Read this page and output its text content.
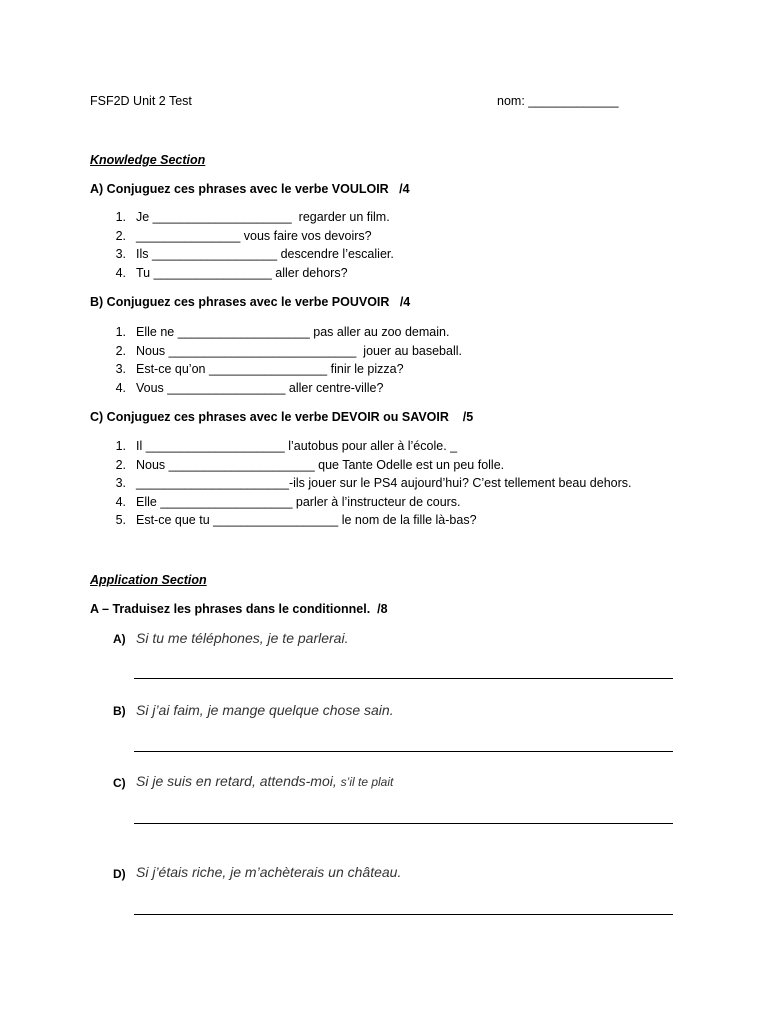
FSF2D Unit 2 Test	nom: _____________
Knowledge Section
A) Conjuguez ces phrases avec le verbe VOULOIR   /4
1. Je ____________________  regarder un film.
2. _______________ vous faire vos devoirs?
3. Ils __________________ descendre l’escalier.
4. Tu _________________ aller dehors?
B) Conjuguez ces phrases avec le verbe POUVOIR   /4
1. Elle ne ___________________ pas aller au zoo demain.
2. Nous ___________________________  jouer au baseball.
3. Est-ce qu’on _________________ finir le pizza?
4. Vous _________________ aller centre-ville?
C) Conjuguez ces phrases avec le verbe DEVOIR ou SAVOIR    /5
1. Il ____________________ l’autobus pour aller à l’école. _
2. Nous _____________________ que Tante Odelle est un peu folle.
3. ______________________-ils jouer sur le PS4 aujourd’hui? C’est tellement beau dehors.
4. Elle ___________________ parler à l’instructeur de cours.
5. Est-ce que tu __________________ le nom de la fille là-bas?
Application Section
A – Traduisez les phrases dans le conditionnel.  /8
A) Si tu me téléphones, je te parlerai.
B) Si j’ai faim, je mange quelque chose sain.
C) Si je suis en retard, attends-moi, s’il te plait
D) Si j’étais riche, je m’achèterais un château.
